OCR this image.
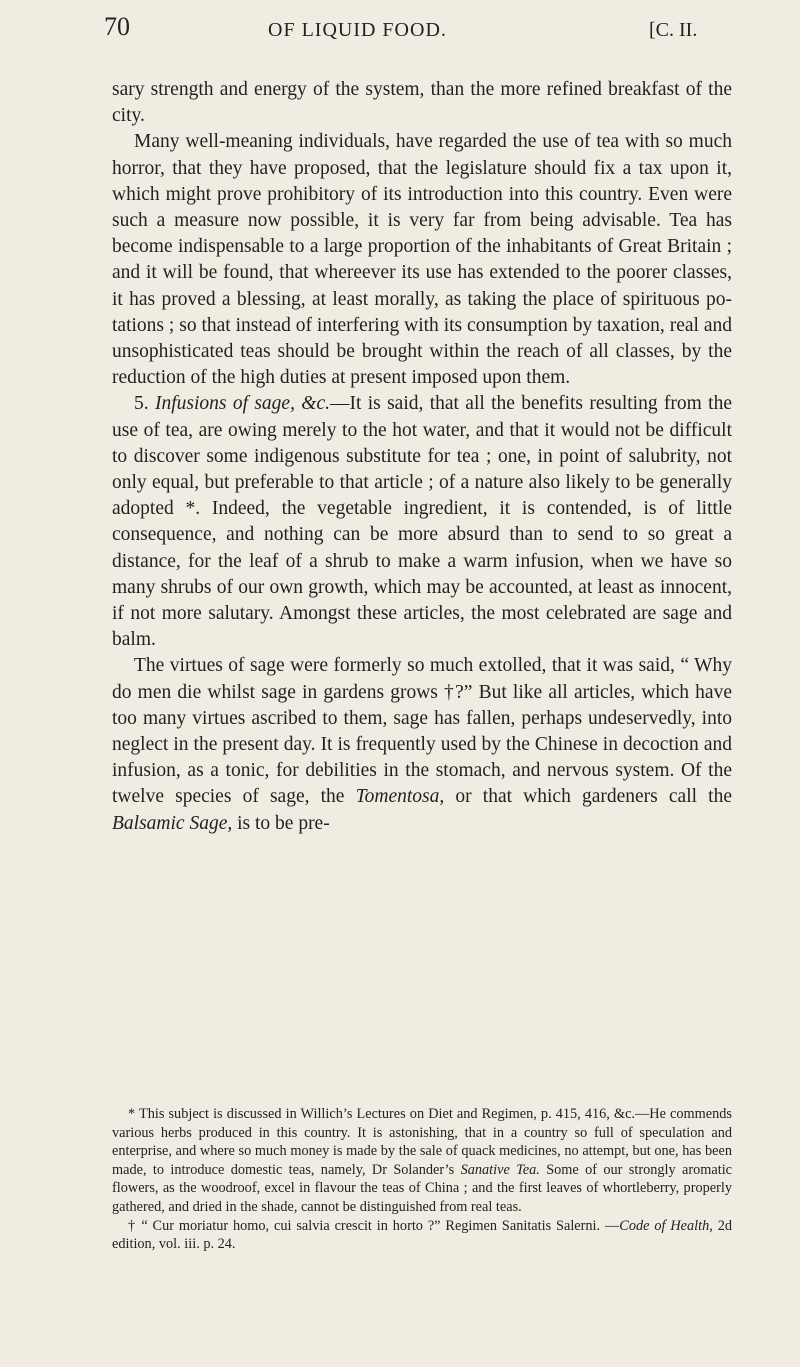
70	OF LIQUID FOOD.	[C. II.

sary strength and energy of the system, than the more refined breakfast of the city.

Many well-meaning individuals, have regarded the use of tea with so much horror, that they have proposed, that the legislature should fix a tax upon it, which might prove prohibitory of its introduction into this country. Even were such a measure now possible, it is very far from being advisable. Tea has become indispensable to a large proportion of the inhabitants of Great Britain ; and it will be found, that whereever its use has extended to the poorer classes, it has proved a blessing, at least morally, as taking the place of spirituous potations ; so that instead of interfering with its consumption by taxation, real and unsophisticated teas should be brought within the reach of all classes, by the reduction of the high duties at present imposed upon them.

5. Infusions of sage, &c.—It is said, that all the benefits resulting from the use of tea, are owing merely to the hot water, and that it would not be difficult to discover some indigenous substitute for tea ; one, in point of salubrity, not only equal, but preferable to that article ; of a nature also likely to be generally adopted *. Indeed, the vegetable ingredient, it is contended, is of little consequence, and nothing can be more absurd than to send to so great a distance, for the leaf of a shrub to make a warm infusion, when we have so many shrubs of our own growth, which may be accounted, at least as innocent, if not more salutary. Amongst these articles, the most celebrated are sage and balm.

The virtues of sage were formerly so much extolled, that it was said, “ Why do men die whilst sage in gardens grows †?” But like all articles, which have too many virtues ascribed to them, sage has fallen, perhaps undeservedly, into neglect in the present day. It is frequently used by the Chinese in decoction and infusion, as a tonic, for debilities in the stomach, and nervous system. Of the twelve species of sage, the Tomentosa, or that which gardeners call the Balsamic Sage, is to be pre-

* This subject is discussed in Willich’s Lectures on Diet and Regimen, p. 415, 416, &c.—He commends various herbs produced in this country. It is astonishing, that in a country so full of speculation and enterprise, and where so much money is made by the sale of quack medicines, no attempt, but one, has been made, to introduce domestic teas, namely, Dr Solander’s Sanative Tea. Some of our strongly aromatic flowers, as the woodroof, excel in flavour the teas of China ; and the first leaves of whortleberry, properly gathered, and dried in the shade, cannot be distinguished from real teas.

† “ Cur moriatur homo, cui salvia crescit in horto ?” Regimen Sanitatis Salerni. —Code of Health, 2d edition, vol. iii. p. 24.
